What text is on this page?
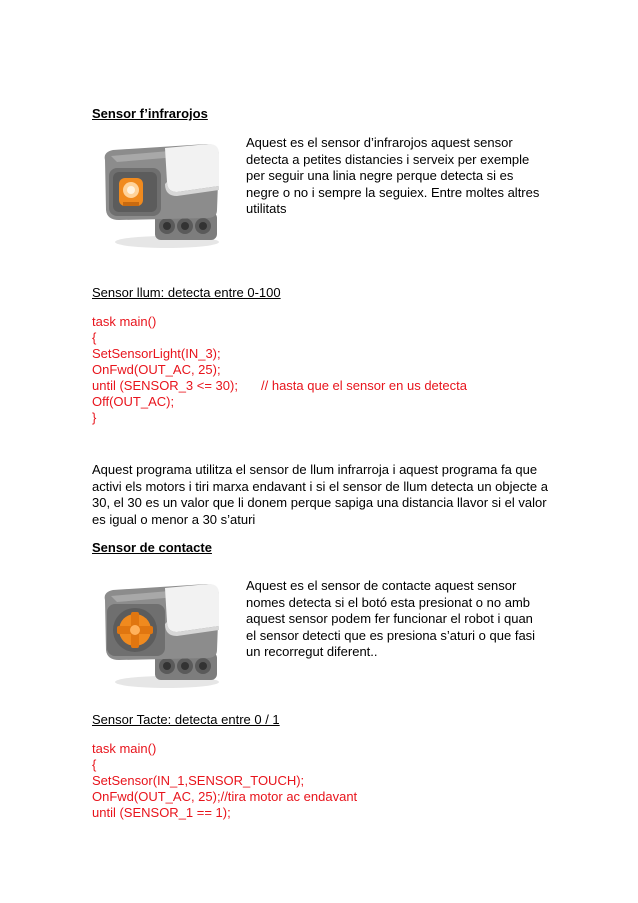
Sensor f’infrarojos
Aquest es el sensor d’infrarojos aquest sensor detecta a petites distancies i serveix per exemple per seguir una linia negre perque detecta si es negre o no i sempre la seguiex. Entre moltes altres utilitats
Sensor llum: detecta entre 0-100
task main()
{
SetSensorLight(IN_3);
OnFwd(OUT_AC, 25);
until (SENSOR_3 <= 30);
Off(OUT_AC);
}
// hasta que el sensor en us detecta
Aquest programa utilitza el sensor de llum infrarroja i aquest programa fa que activi els motors i tiri marxa endavant i si el sensor de llum detecta un objecte a 30, el 30 es un valor que li donem perque sapiga una distancia llavor si el valor es igual o menor a 30 s’aturi
Sensor de contacte
Aquest es el sensor de contacte aquest sensor nomes detecta si el botó esta presionat o no amb aquest sensor podem fer funcionar el robot i quan el sensor detecti que es presiona s’aturi o que fasi un recorregut diferent..
Sensor Tacte: detecta entre 0 / 1
task main()
{
SetSensor(IN_1,SENSOR_TOUCH);
OnFwd(OUT_AC, 25);//tira motor ac endavant
until (SENSOR_1 == 1);
